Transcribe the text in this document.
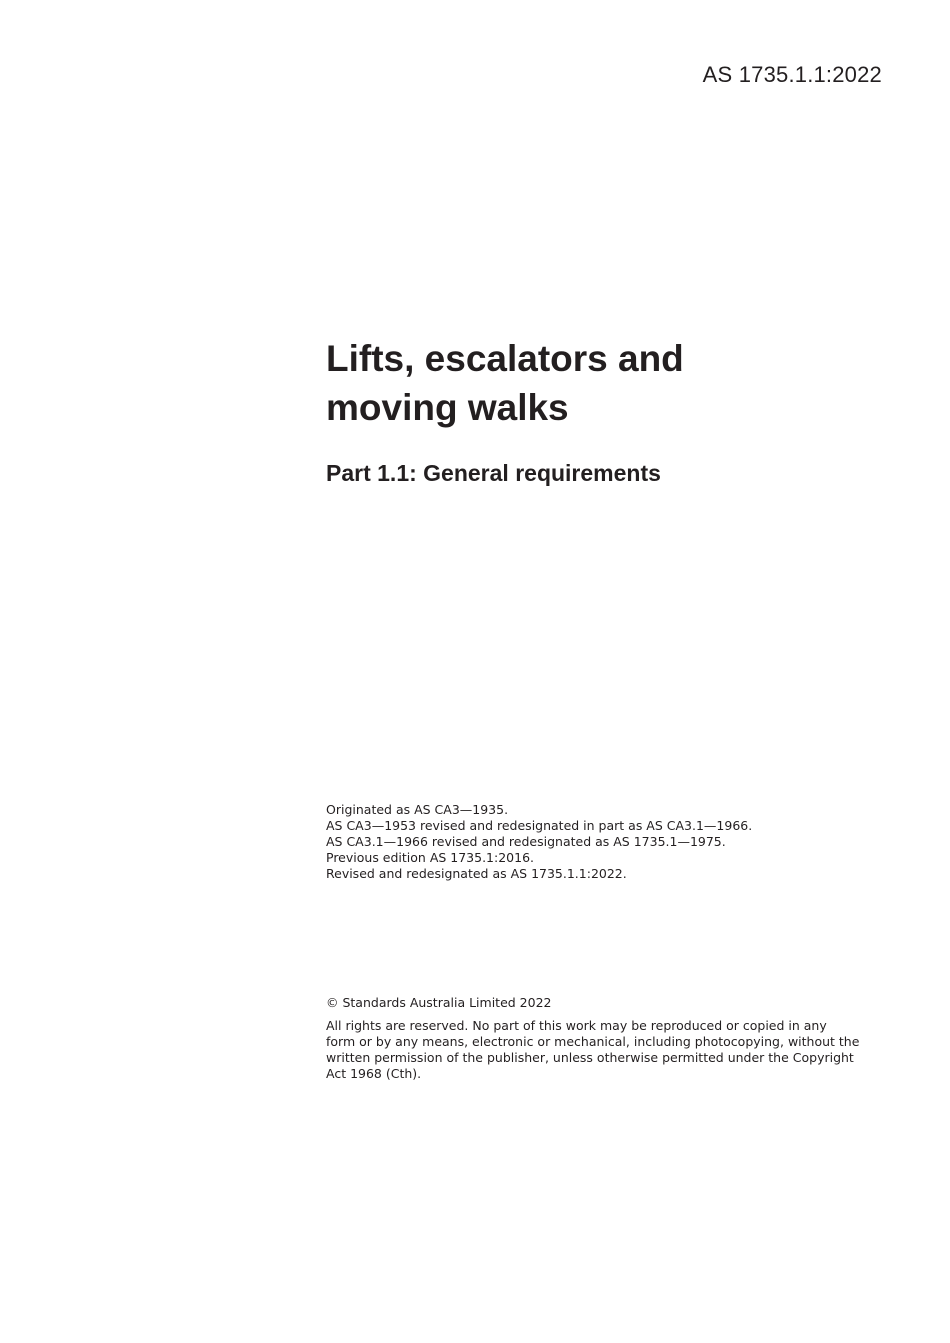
AS 1735.1.1:2022
Lifts, escalators and
moving walks
Part 1.1: General requirements
Originated as AS CA3—1935.
AS CA3—1953 revised and redesignated in part as AS CA3.1—1966.
AS CA3.1—1966 revised and redesignated as AS 1735.1—1975.
Previous edition AS 1735.1:2016.
Revised and redesignated as AS 1735.1.1:2022.
© Standards Australia Limited 2022

All rights are reserved. No part of this work may be reproduced or copied in any
form or by any means, electronic or mechanical, including photocopying, without the
written permission of the publisher, unless otherwise permitted under the Copyright
Act 1968 (Cth).
